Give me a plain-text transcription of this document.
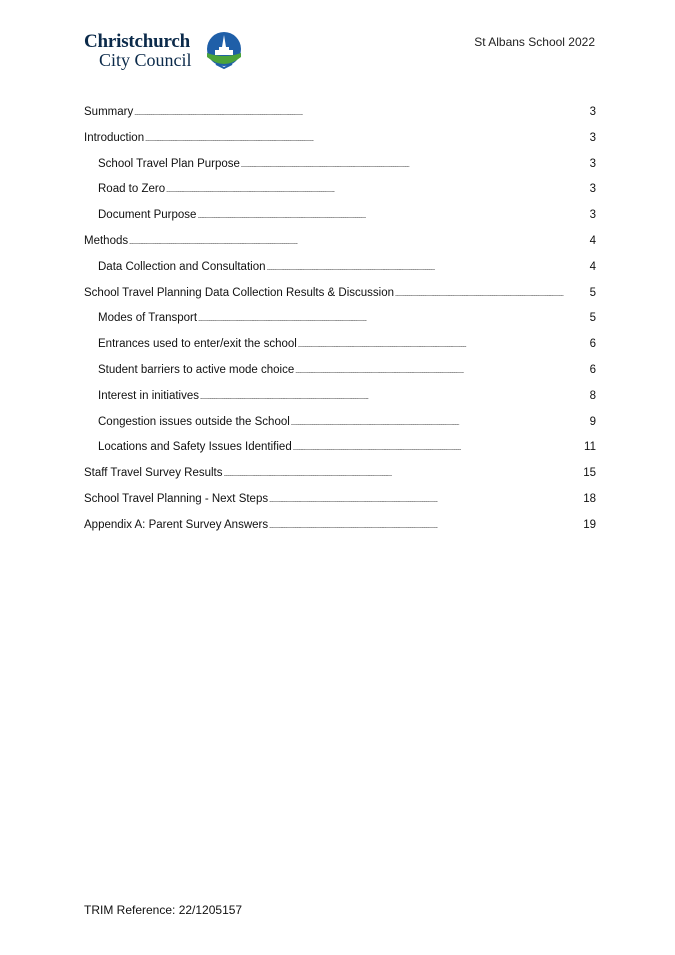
Christchurch
City Council
St Albans School 2022
Summary . . .	3
Introduction . . .	3
School Travel Plan Purpose . . .	3
Road to Zero . . .	3
Document Purpose . . .	3
Methods . . .	4
Data Collection and Consultation . . .	4
School Travel Planning Data Collection Results & Discussion . . .	5
Modes of Transport . . .	5
Entrances used to enter/exit the school . . .	6
Student barriers to active mode choice . . .	6
Interest in initiatives . . .	8
Congestion issues outside the School . . .	9
Locations and Safety Issues Identified . . .	11
Staff Travel Survey Results . . .	15
School Travel Planning - Next Steps . . .	18
Appendix A: Parent Survey Answers . . .	19
TRIM Reference: 22/1205157
